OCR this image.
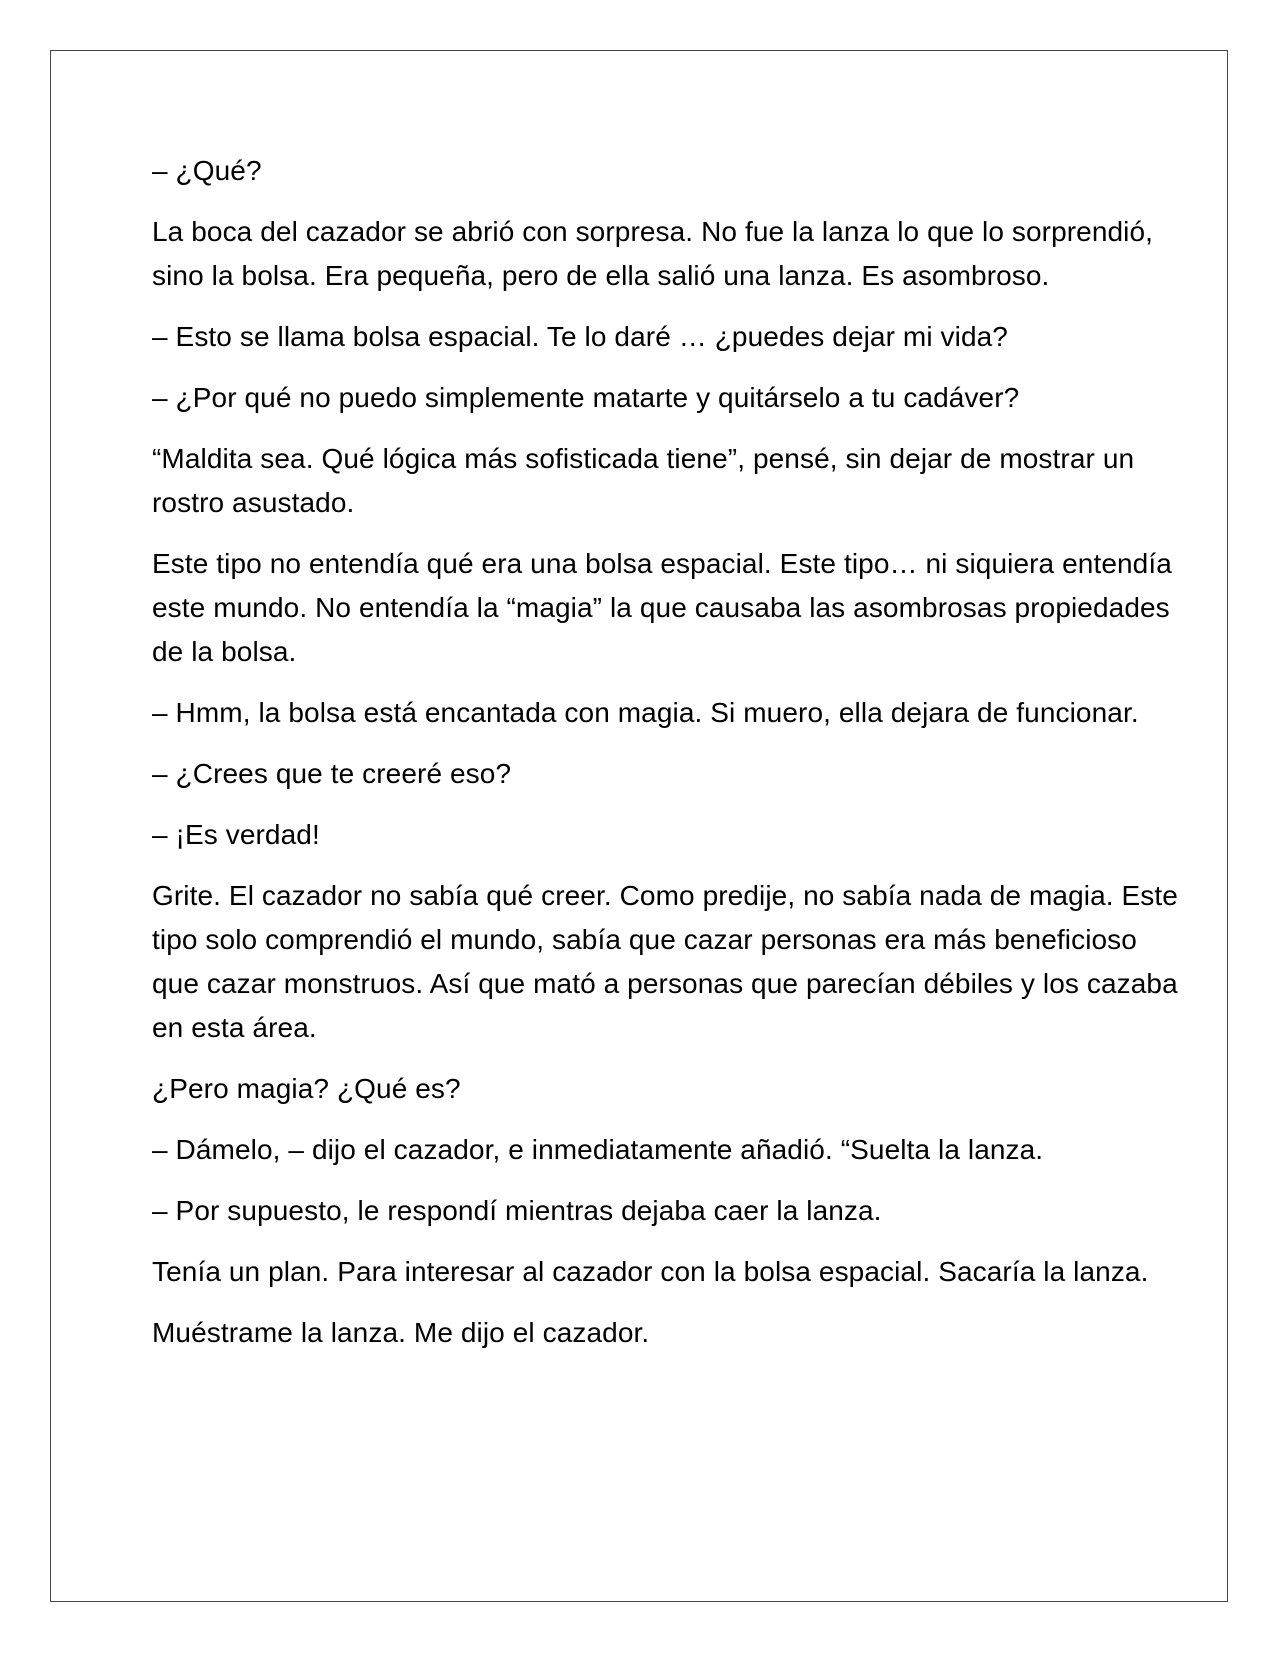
– ¿Qué?

La boca del cazador se abrió con sorpresa. No fue la lanza lo que lo sorprendió, sino la bolsa. Era pequeña, pero de ella salió una lanza. Es asombroso.

– Esto se llama bolsa espacial. Te lo daré … ¿puedes dejar mi vida?

– ¿Por qué no puedo simplemente matarte y quitárselo a tu cadáver?

“Maldita sea. Qué lógica más sofisticada tiene”, pensé, sin dejar de mostrar un rostro asustado.

Este tipo no entendía qué era una bolsa espacial. Este tipo… ni siquiera entendía este mundo. No entendía la “magia” la que causaba las asombrosas propiedades de la bolsa.

– Hmm, la bolsa está encantada con magia. Si muero, ella dejara de funcionar.

– ¿Crees que te creeré eso?

– ¡Es verdad!

Grite. El cazador no sabía qué creer. Como predije, no sabía nada de magia. Este tipo solo comprendió el mundo, sabía que cazar personas era más beneficioso que cazar monstruos. Así que mató a personas que parecían débiles y los cazaba en esta área.

¿Pero magia? ¿Qué es?

– Dámelo, – dijo el cazador, e inmediatamente añadió. “Suelta la lanza.

– Por supuesto, le respondí mientras dejaba caer la lanza.

Tenía un plan. Para interesar al cazador con la bolsa espacial. Sacaría la lanza.

Muéstrame la lanza. Me dijo el cazador.
